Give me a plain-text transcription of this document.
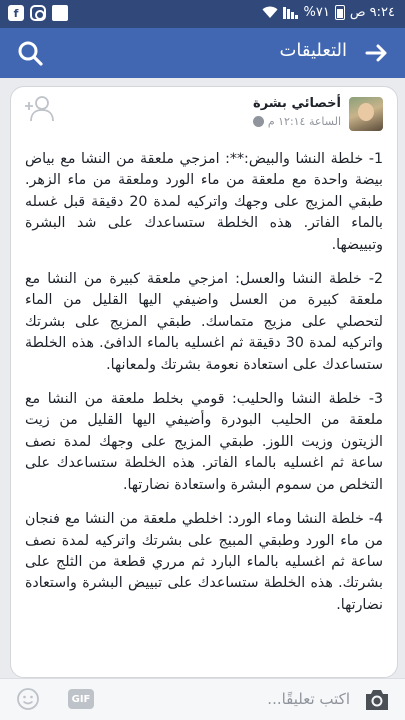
f	٩:٢٤ ص
٧١%
التعليقات
أخصائي بشرة
الساعة ١٢:١٤ م

1- خلطة النشا والبيض:**: امزجي ملعقة من النشا مع بياض بيضة واحدة مع ملعقة من ماء الورد وملعقة من ماء الزهر. طبقي المزيج على وجهك واتركيه لمدة 20 دقيقة قبل غسله بالماء الفاتر. هذه الخلطة ستساعدك على شد البشرة وتبييضها.

2- خلطة النشا والعسل: امزجي ملعقة كبيرة من النشا مع ملعقة كبيرة من العسل واضيفي اليها القليل من الماء لتحصلي على مزيج متماسك. طبقي المزيج على بشرتك واتركيه لمدة 30 دقيقة ثم اغسليه بالماء الدافئ. هذه الخلطة ستساعدك على استعادة نعومة بشرتك ولمعانها.

3- خلطة النشا والحليب: قومي بخلط ملعقة من النشا مع ملعقة من الحليب البودرة وأضيفي اليها القليل من زيت الزيتون وزيت اللوز. طبقي المزيج على وجهك لمدة نصف ساعة ثم اغسليه بالماء الفاتر. هذه الخلطة ستساعدك على التخلص من سموم البشرة واستعادة نضارتها.

4- خلطة النشا وماء الورد: اخلطي ملعقة من النشا مع فنجان من ماء الورد وطبقي المبيج على بشرتك واتركيه لمدة نصف ساعة ثم اغسليه بالماء البارد ثم مرري قطعة من الثلج على بشرتك. هذه الخلطة ستساعدك على تبييض البشرة واستعادة نضارتها.

GIF
اكتب تعليقًا...
